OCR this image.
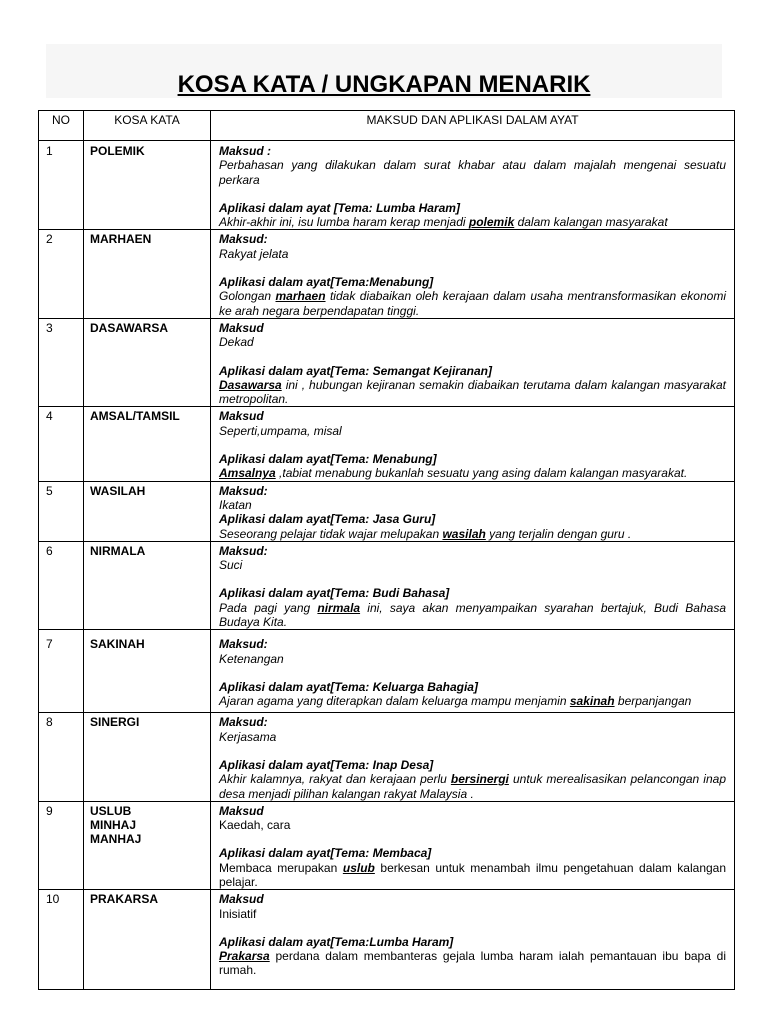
KOSA KATA / UNGKAPAN MENARIK
NO	KOSA KATA	MAKSUD DAN APLIKASI DALAM AYAT
1	POLEMIK	Maksud :
Perbahasan yang dilakukan dalam surat khabar atau dalam majalah mengenai sesuatu perkara
Aplikasi dalam ayat [Tema: Lumba Haram]
Akhir-akhir ini, isu lumba haram kerap menjadi polemik dalam kalangan masyarakat

2	MARHAEN	Maksud:
Rakyat jelata
Aplikasi dalam ayat[Tema:Menabung]
Golongan marhaen tidak diabaikan oleh kerajaan dalam usaha mentransformasikan ekonomi ke arah negara berpendapatan tinggi.

3	DASAWARSA	Maksud
Dekad
Aplikasi dalam ayat[Tema: Semangat Kejiranan]
Dasawarsa ini , hubungan kejiranan semakin diabaikan terutama dalam kalangan masyarakat metropolitan.

4	AMSAL/TAMSIL	Maksud
Seperti,umpama, misal
Aplikasi dalam ayat[Tema: Menabung]
Amsalnya ,tabiat menabung bukanlah sesuatu yang asing dalam kalangan masyarakat.

5	WASILAH	Maksud:
Ikatan
Aplikasi dalam ayat[Tema: Jasa Guru]
Seseorang pelajar tidak wajar melupakan wasilah yang terjalin dengan guru .

6	NIRMALA	Maksud:
Suci
Aplikasi dalam ayat[Tema: Budi Bahasa]
Pada pagi yang nirmala ini, saya akan menyampaikan syarahan bertajuk, Budi Bahasa Budaya Kita.

7	SAKINAH	Maksud:
Ketenangan
Aplikasi dalam ayat[Tema: Keluarga Bahagia]
Ajaran agama yang diterapkan dalam keluarga mampu menjamin sakinah berpanjangan

8	SINERGI	Maksud:
Kerjasama
Aplikasi dalam ayat[Tema: Inap Desa]
Akhir kalamnya, rakyat dan kerajaan perlu bersinergi untuk merealisasikan pelancongan inap desa menjadi pilihan kalangan rakyat Malaysia .

9	USLUB
MINHAJ
MANHAJ	Maksud
Kaedah, cara
Aplikasi dalam ayat[Tema: Membaca]
Membaca merupakan uslub berkesan untuk menambah ilmu pengetahuan dalam kalangan pelajar.

10	PRAKARSA	Maksud
Inisiatif
Aplikasi dalam ayat[Tema:Lumba Haram]
Prakarsa perdana dalam membanteras gejala lumba haram ialah pemantauan ibu bapa di rumah.
